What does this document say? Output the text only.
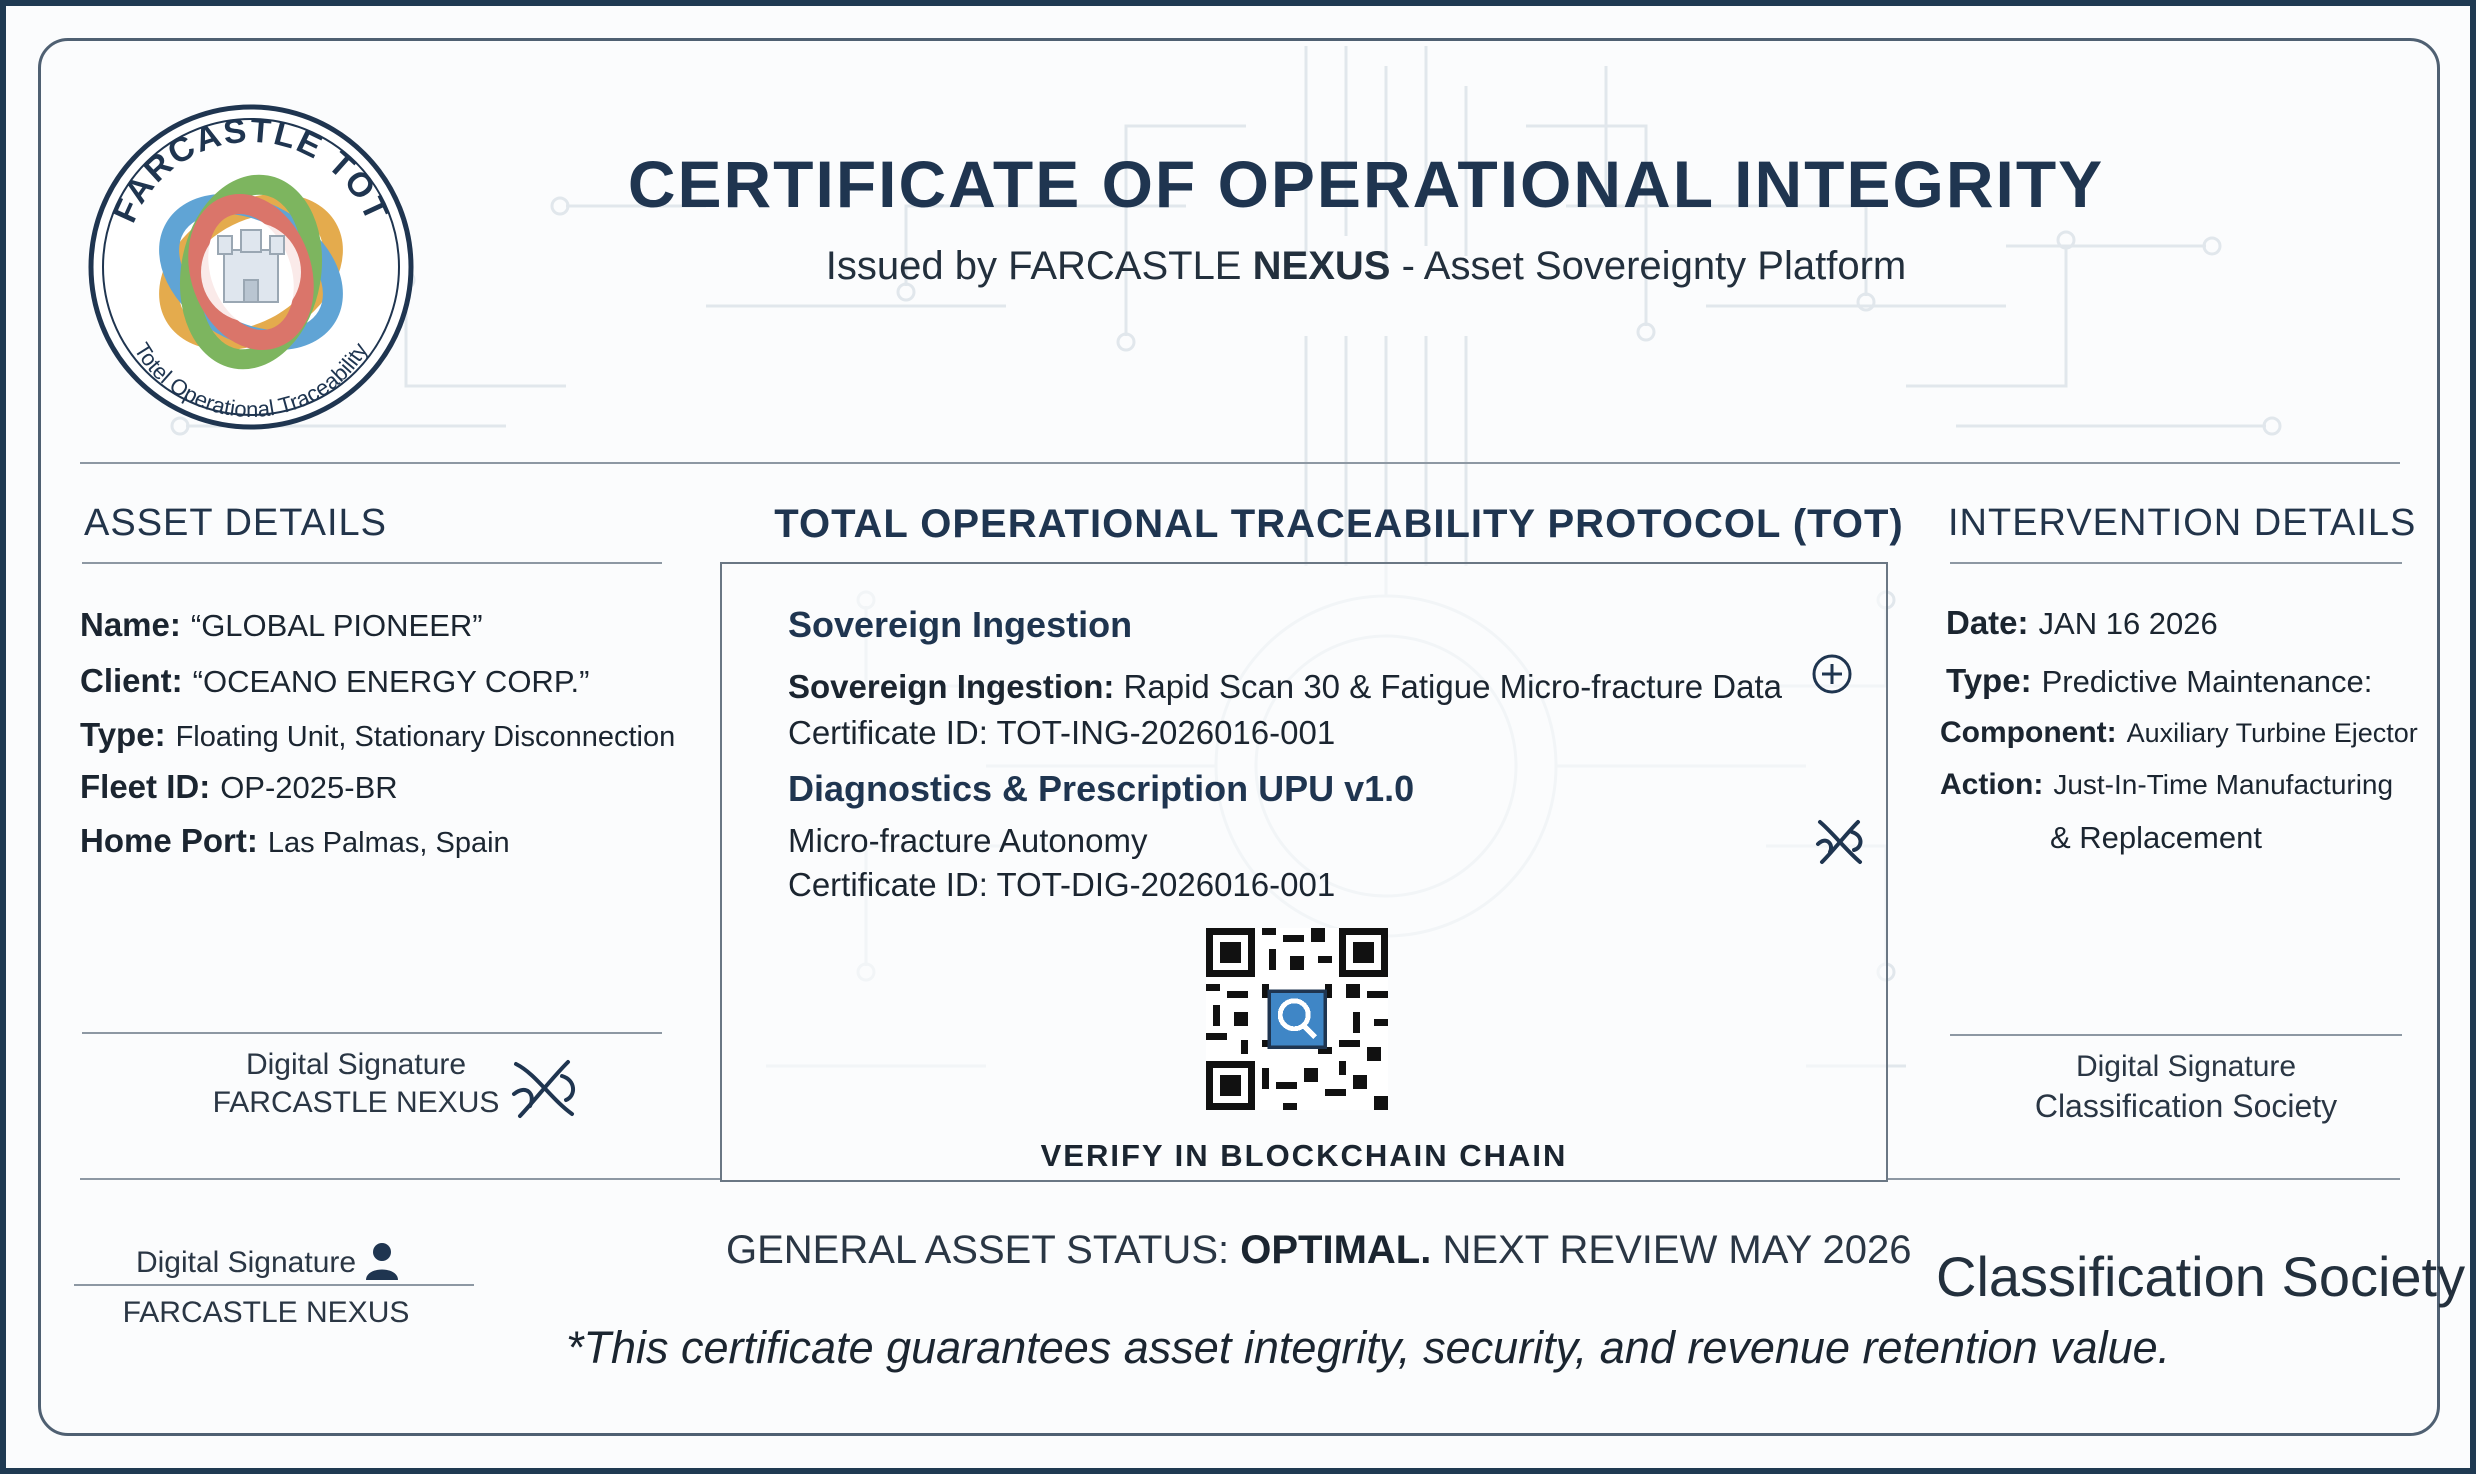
FARCASTLE TOT
Totel Operational Traceability
CERTIFICATE OF OPERATIONAL INTEGRITY
Issued by FARCASTLE NEXUS - Asset Sovereignty Platform
ASSET DETAILS
Name: “GLOBAL PIONEER”
Client: “OCEANO ENERGY CORP.”
Type: Floating Unit, Stationary Disconnection
Fleet ID: OP-2025-BR
Home Port: Las Palmas, Spain
Digital Signature
FARCASTLE NEXUS
TOTAL OPERATIONAL TRACEABILITY PROTOCOL (TOT)
Sovereign Ingestion
Sovereign Ingestion: Rapid Scan 30 & Fatigue Micro-fracture Data
Certificate ID: TOT-ING-2026016-001
Diagnostics & Prescription UPU v1.0
Micro-fracture Autonomy
Certificate ID: TOT-DIG-2026016-001
VERIFY IN BLOCKCHAIN CHAIN
INTERVENTION DETAILS
Date: JAN 16 2026
Type: Predictive Maintenance:
Component: Auxiliary Turbine Ejector
Action: Just-In-Time Manufacturing
& Replacement
Digital Signature
Classification Society
Digital Signature
FARCASTLE NEXUS
GENERAL ASSET STATUS: OPTIMAL. NEXT REVIEW MAY 2026 Classification Society
*This certificate guarantees asset integrity, security, and revenue retention value.
